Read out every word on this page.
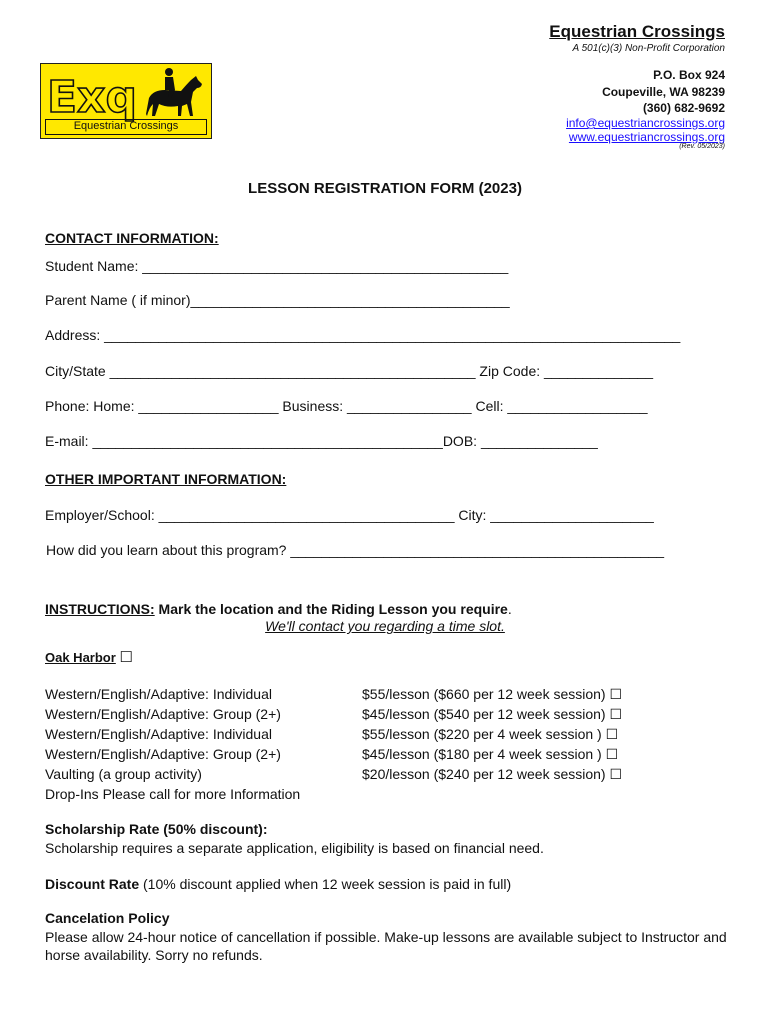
Equestrian Crossings
A 501(c)(3) Non-Profit Corporation
P.O. Box 924
Coupeville, WA 98239
(360) 682-9692
info@equestriancrossings.org
www.equestriancrossings.org
(Rev. 05/2023)
Exq
Equestrian Crossings
LESSON REGISTRATION FORM (2023)
CONTACT INFORMATION:
Student Name: _______________________________________________
Parent Name ( if minor)_________________________________________
Address: __________________________________________________________________________
City/State _______________________________________________ Zip Code: ______________
Phone: Home: __________________ Business: ________________ Cell: __________________
E-mail: _____________________________________________DOB: _______________
OTHER IMPORTANT INFORMATION:
Employer/School: ______________________________________ City: _____________________
How did you learn about this program? ________________________________________________
INSTRUCTIONS: Mark the location and the Riding Lesson you require.
We'll contact you regarding a time slot.
Oak Harbor ☐
Western/English/Adaptive: Individual
Western/English/Adaptive: Group (2+)
Western/English/Adaptive: Individual
Western/English/Adaptive: Group (2+)
Vaulting (a group activity)
Drop-Ins Please call for more Information
$55/lesson ($660 per 12 week session) ☐
$45/lesson ($540 per 12 week session) ☐
$55/lesson ($220 per 4 week session ) ☐
$45/lesson ($180 per 4 week session ) ☐
$20/lesson ($240 per 12 week session) ☐
Scholarship Rate (50% discount):
Scholarship requires a separate application, eligibility is based on financial need.
Discount Rate (10% discount applied when 12 week session is paid in full)
Cancelation Policy
Please allow 24-hour notice of cancellation if possible. Make-up lessons are available subject to Instructor and horse availability. Sorry no refunds.
